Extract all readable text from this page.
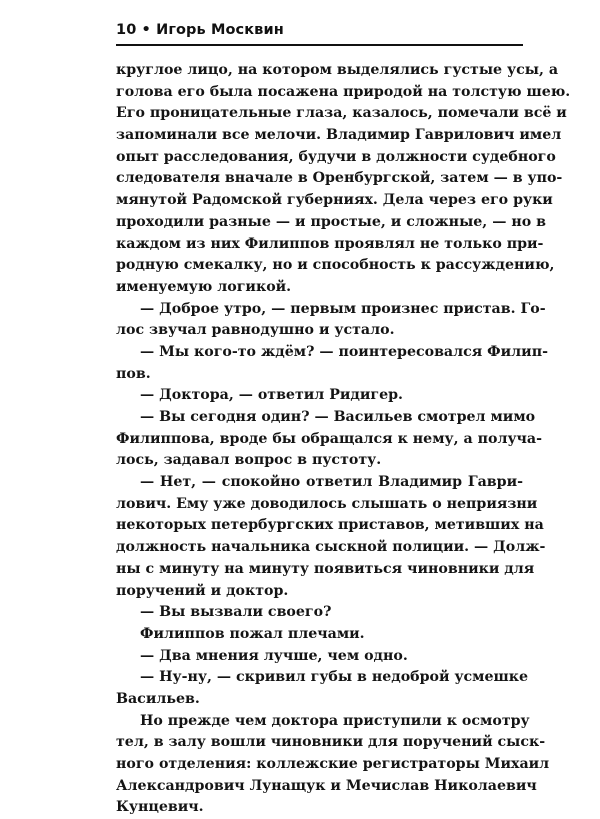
10 • Игорь Москвин
круглое лицо, на котором выделялись густые усы, а
голова его была посажена природой на толстую шею.
Его проницательные глаза, казалось, помечали всё и
запоминали все мелочи. Владимир Гаврилович имел
опыт расследования, будучи в должности судебного
следователя вначале в Оренбургской, затем — в упо-
мянутой Радомской губерниях. Дела через его руки
проходили разные — и простые, и сложные, — но в
каждом из них Филиппов проявлял не только при-
родную смекалку, но и способность к рассуждению,
именуемую логикой.
— Доброе утро, — первым произнес пристав. Го-
лос звучал равнодушно и устало.
— Мы кого-то ждём? — поинтересовался Филип-
пов.
— Доктора, — ответил Ридигер.
— Вы сегодня один? — Васильев смотрел мимо
Филиппова, вроде бы обращался к нему, а получа-
лось, задавал вопрос в пустоту.
— Нет, — спокойно ответил Владимир Гаври-
лович. Ему уже доводилось слышать о неприязни
некоторых петербургских приставов, метивших на
должность начальника сыскной полиции. — Долж-
ны с минуту на минуту появиться чиновники для
поручений и доктор.
— Вы вызвали своего?
Филиппов пожал плечами.
— Два мнения лучше, чем одно.
— Ну-ну, — скривил губы в недоброй усмешке
Васильев.
Но прежде чем доктора приступили к осмотру
тел, в залу вошли чиновники для поручений сыск-
ного отделения: коллежские регистраторы Михаил
Александрович Лунащук и Мечислав Николаевич
Кунцевич.
